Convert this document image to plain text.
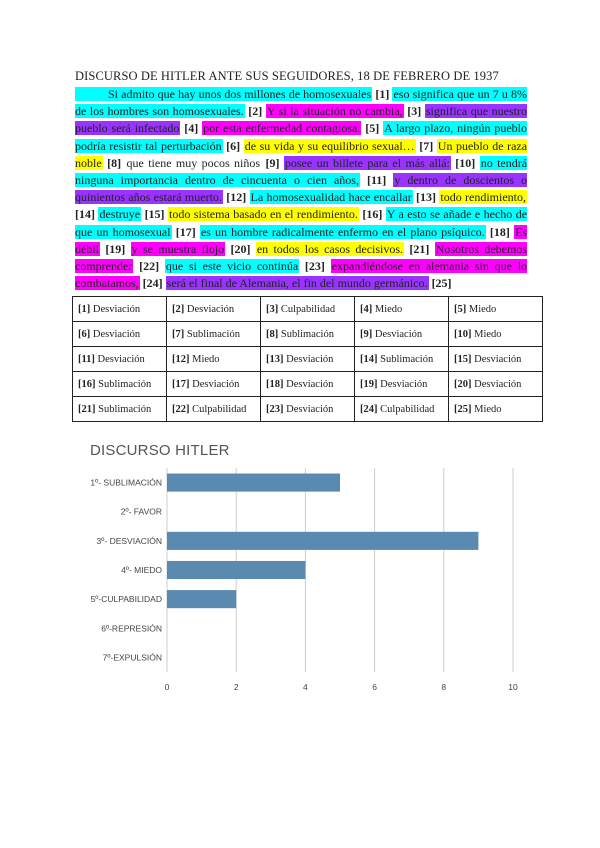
DISCURSO DE HITLER ANTE SUS SEGUIDORES, 18 DE FEBRERO DE 1937
Si admito que hay unos dos millones de homosexuales [1] eso significa que un 7 u 8% de los hombres son homosexuales. [2] Y si la situación no cambia, [3] significa que nuestro pueblo será infectado [4] por esta enfermedad contagiosa. [5] A largo plazo, ningún pueblo podría resistir tal perturbación [6] de su vida y su equilibrio sexual… [7] Un pueblo de raza noble [8] que tiene muy pocos niños [9] posee un billete para el más allá: [10] no tendrá ninguna importancia dentro de cincuenta o cien años, [11] y dentro de doscientos o quinientos años estará muerto. [12] La homosexualidad hace encallar [13] todo rendimiento, [14] destruye [15] todo sistema basado en el rendimiento. [16] Y a esto se añade e hecho de que un homosexual [17] es un hombre radicalmente enfermo en el plano psíquico. [18] Es débil [19] y se muestra flojo [20] en todos los casos decisivos. [21] Nosotros debemos comprender [22] que si este vicio continúa [23] expandiéndose en alemania sin que lo combatamos, [24] será el final de Alemania, el fin del mundo germánico. [25]
[1] Desviación	[2] Desviación	[3] Culpabilidad	[4] Miedo	[5] Miedo
[6] Desviación	[7] Sublimación	[8] Sublimación	[9] Desviación	[10] Miedo
[11] Desviación	[12] Miedo	[13] Desviación	[14] Sublimación	[15] Desviación
[16] Sublimación	[17] Desviación	[18] Desviación	[19] Desviación	[20] Desviación
[21] Sublimación	[22] Culpabilidad	[23] Desviación	[24] Culpabilidad	[25] Miedo
DISCURSO HITLER
0	2	4	6	8	10
1º- SUBLIMACIÓN
2º- FAVOR
3º- DESVIACIÓN
4º- MIEDO
5º-CULPABILIDAD
6º-REPRESIÓN
7º-EXPULSIÓN
